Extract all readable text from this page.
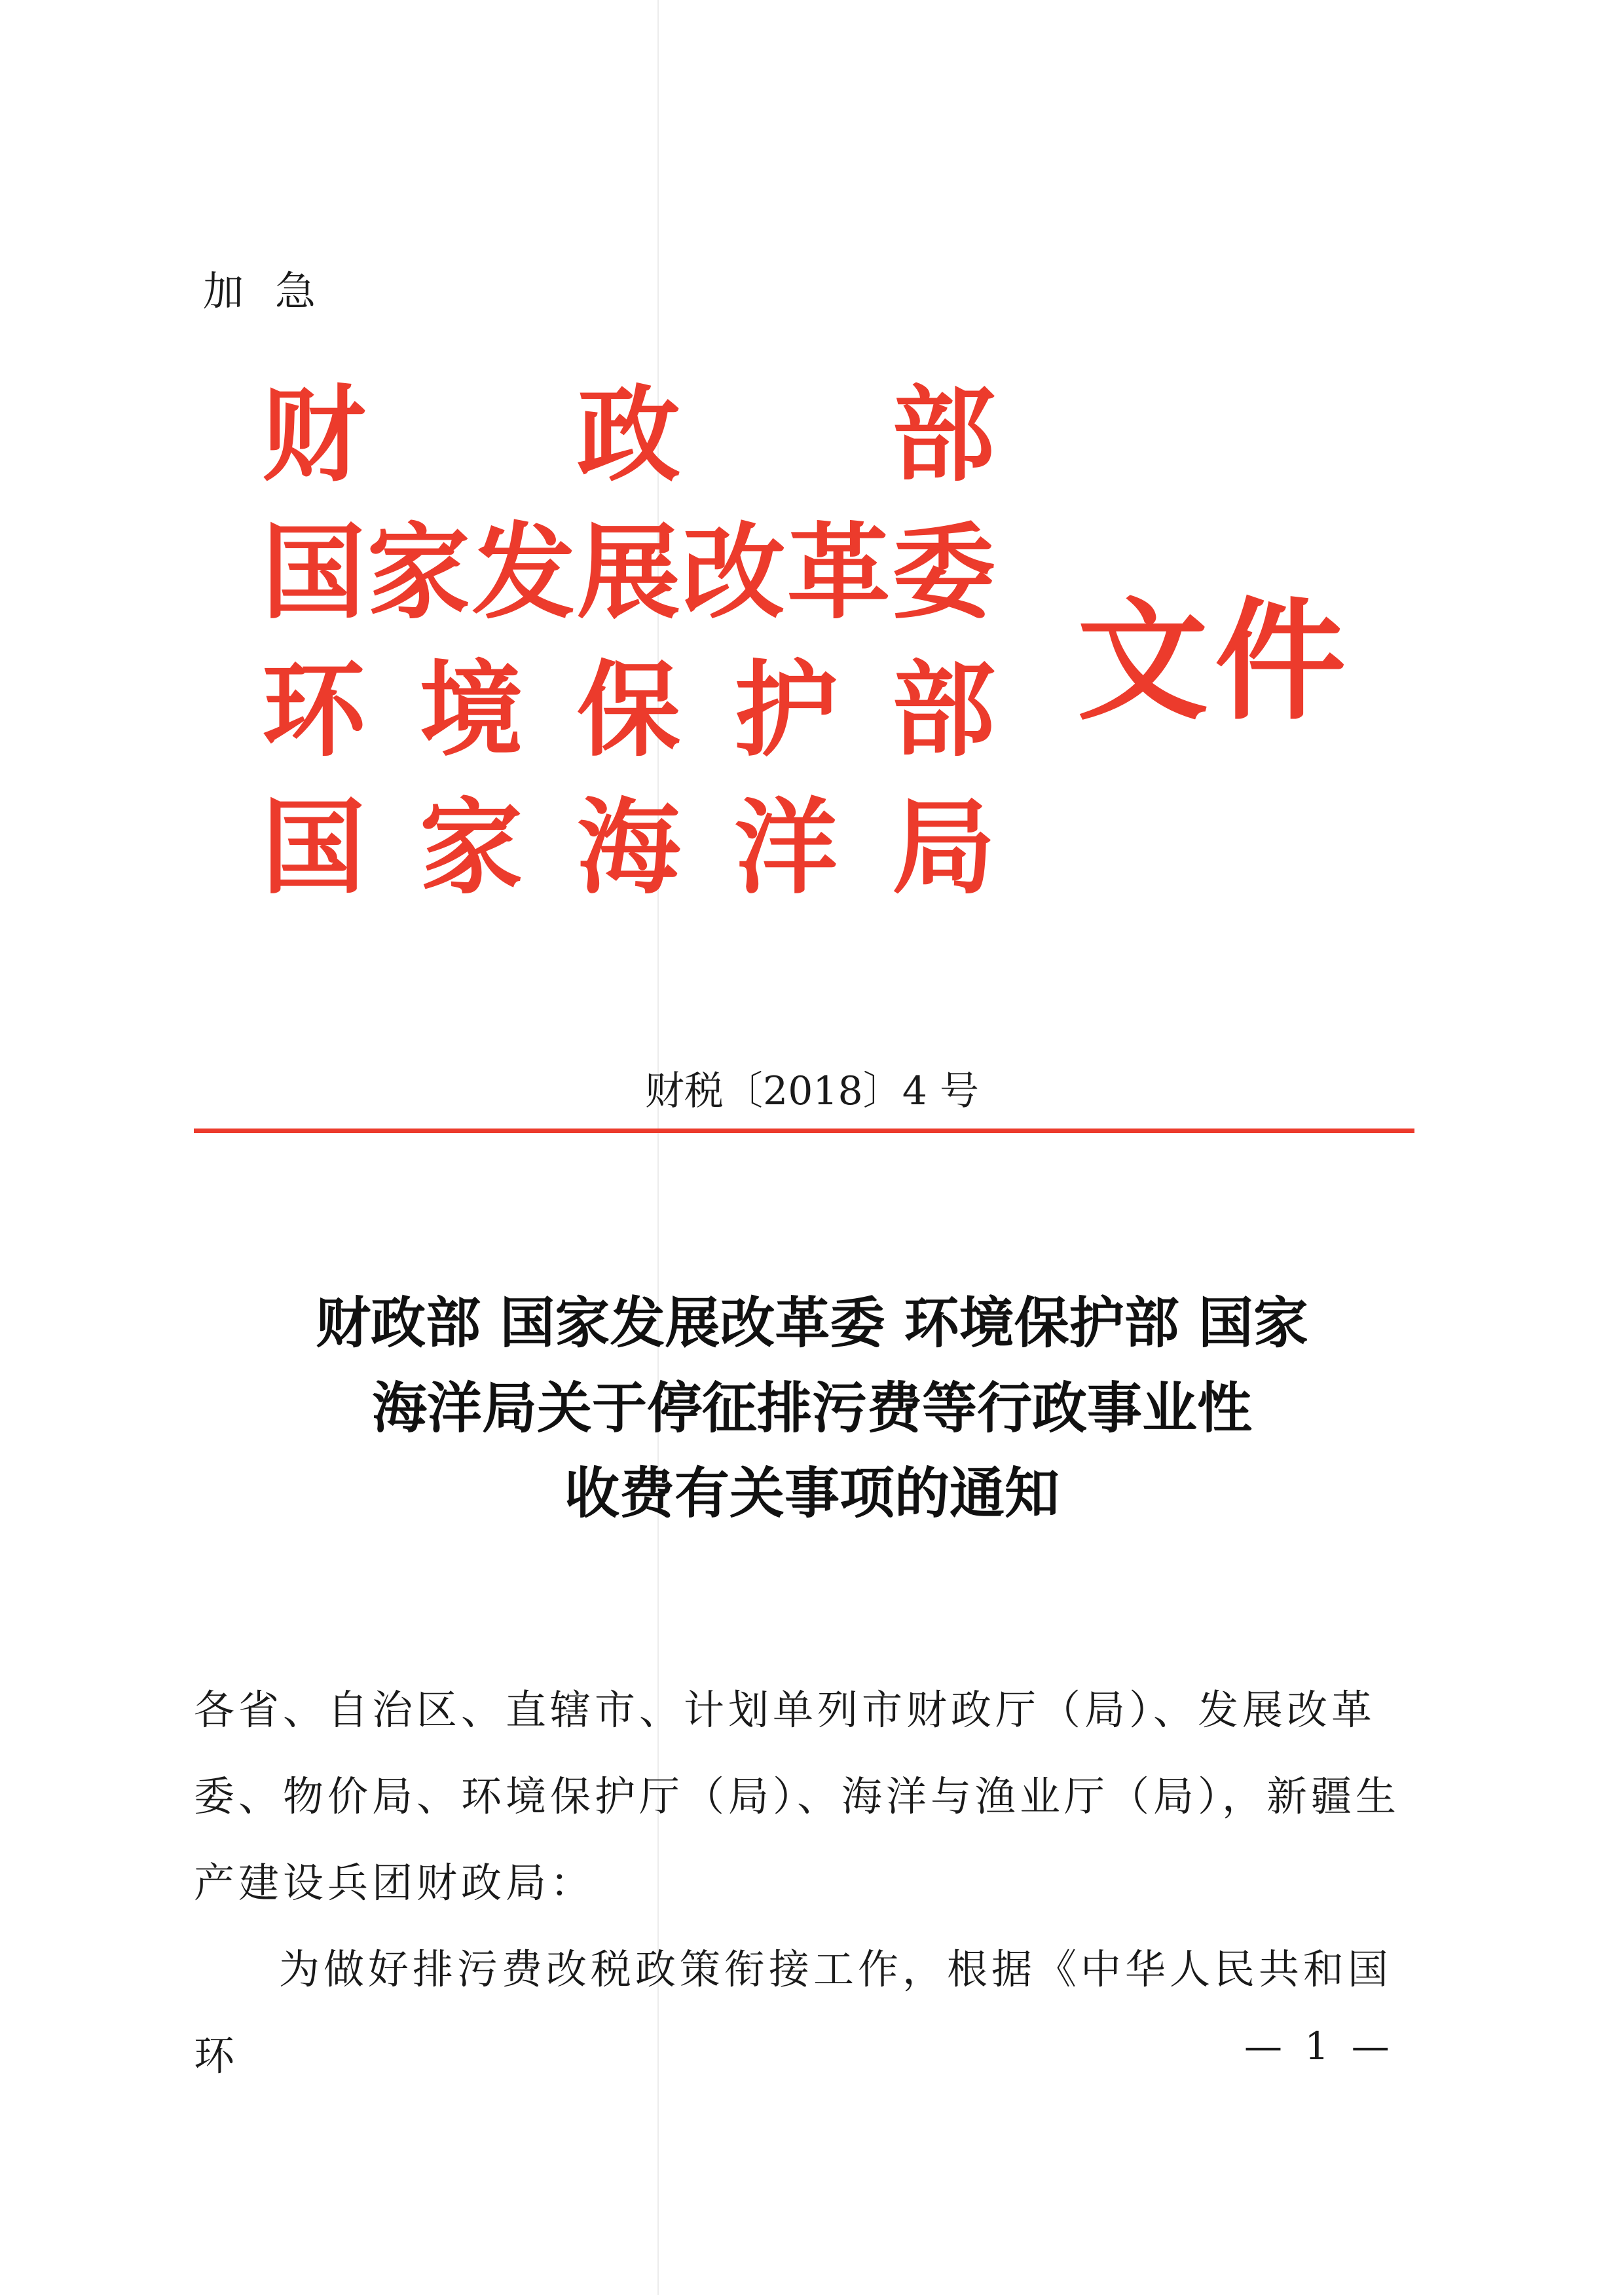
加急
财 政 部
国 家 发 展 改 革 委
环 境 保 护 部
国 家 海 洋 局
文件
财税〔2018〕4 号
财政部 国家发展改革委 环境保护部 国家
海洋局关于停征排污费等行政事业性
收费有关事项的通知

各省、自治区、直辖市、计划单列市财政厅（局）、发展改革委、物价局、环境保护厅（局）、海洋与渔业厅（局），新疆生产建设兵团财政局：

为做好排污费改税政策衔接工作，根据《中华人民共和国环	— 1 —
